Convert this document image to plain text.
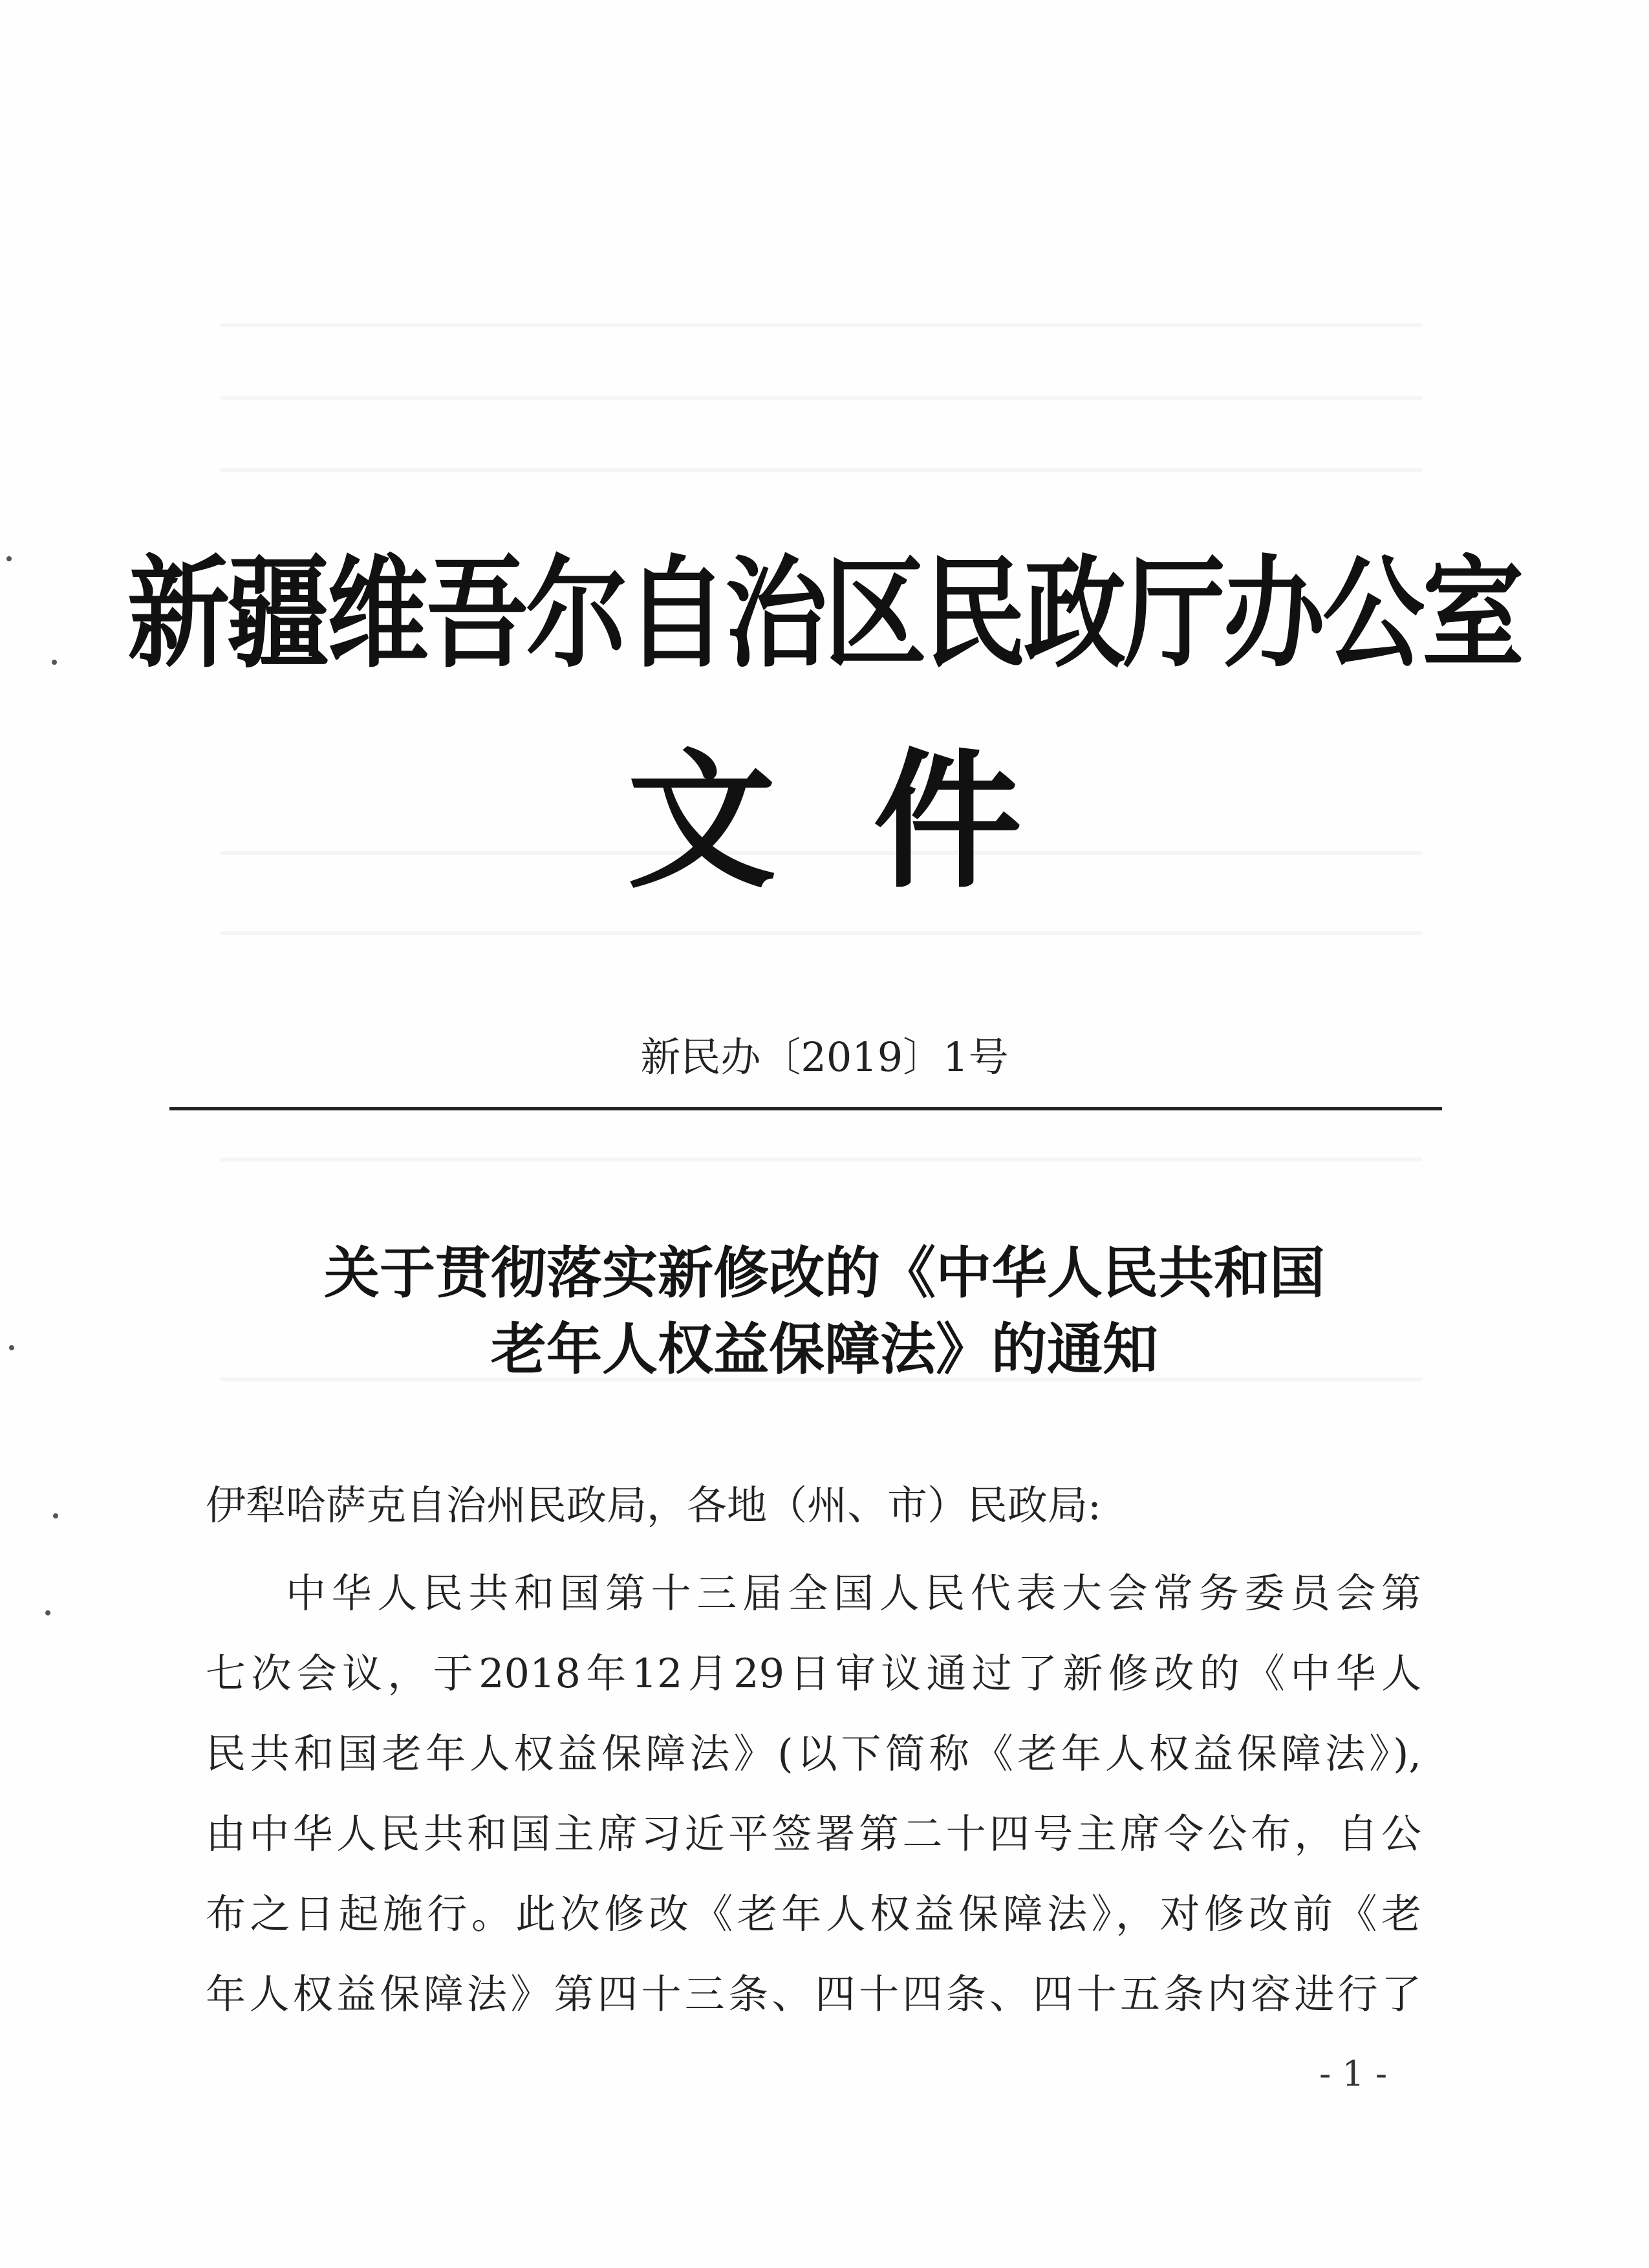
新疆维吾尔自治区民政厅办公室
文件
新民办〔2019〕1号
关于贯彻落实新修改的《中华人民共和国
老年人权益保障法》的通知
伊犁哈萨克自治州民政局，各地（州、市）民政局:
中华人民共和国第十三届全国人民代表大会常务委员会第
七次会议，于2018年12月29日审议通过了新修改的《中华人
民共和国老年人权益保障法》(以下简称《老年人权益保障法》),
由中华人民共和国主席习近平签署第二十四号主席令公布，自公
布之日起施行。此次修改《老年人权益保障法》，对修改前《老
年人权益保障法》第四十三条、四十四条、四十五条内容进行了
- 1 -
